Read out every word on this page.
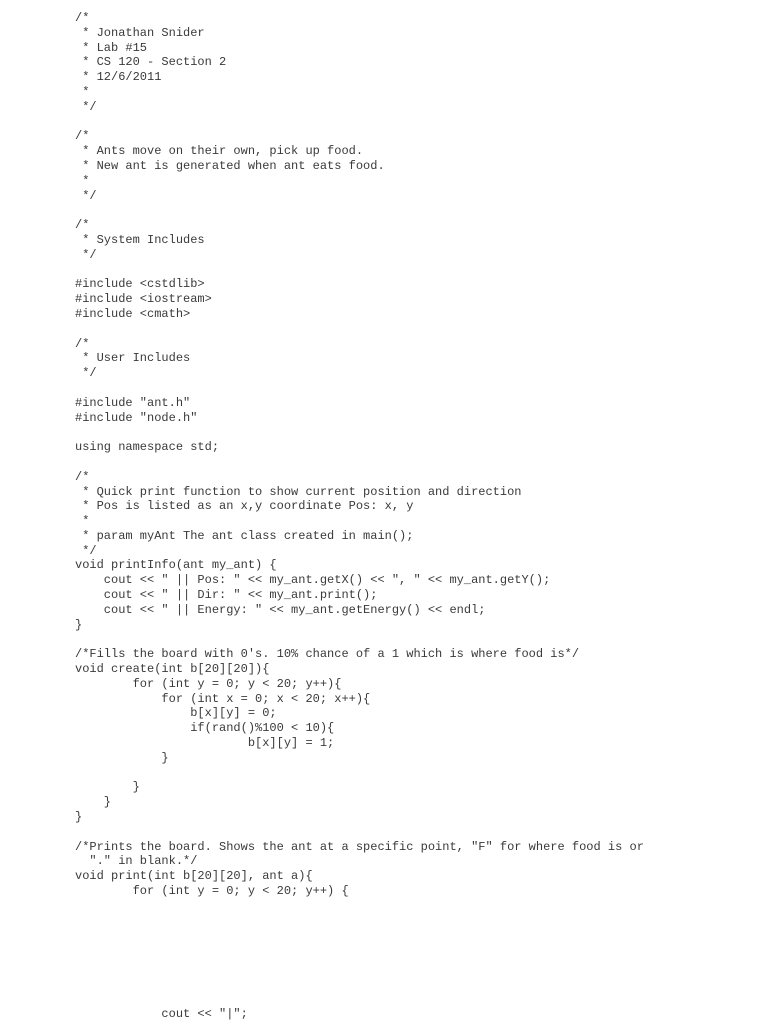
/*
* Jonathan Snider
* Lab #15
* CS 120 - Section 2
* 12/6/2011
*
*/
/*
* Ants move on their own, pick up food.
* New ant is generated when ant eats food.
*
*/
/*
* System Includes
*/
#include <cstdlib>
#include <iostream>
#include <cmath>
/*
* User Includes
*/
#include "ant.h"
#include "node.h"
using namespace std;
/*
* Quick print function to show current position and direction
* Pos is listed as an x,y coordinate Pos: x, y
*
* param myAnt The ant class created in main();
*/
void printInfo(ant my_ant) {
cout << " || Pos: " << my_ant.getX() << ", " << my_ant.getY();
cout << " || Dir: " << my_ant.print();
cout << " || Energy: " << my_ant.getEnergy() << endl;
}
/*Fills the board with 0's. 10% chance of a 1 which is where food is*/
void create(int b[20][20]){
for (int y = 0; y < 20; y++){
for (int x = 0; x < 20; x++){
b[x][y] = 0;
if(rand()%100 < 10){
b[x][y] = 1;
}
}
}
}
/*Prints the board. Shows the ant at a specific point, "F" for where food is or
"." in blank.*/
void print(int b[20][20], ant a){
for (int y = 0; y < 20; y++) {
cout << "|";
